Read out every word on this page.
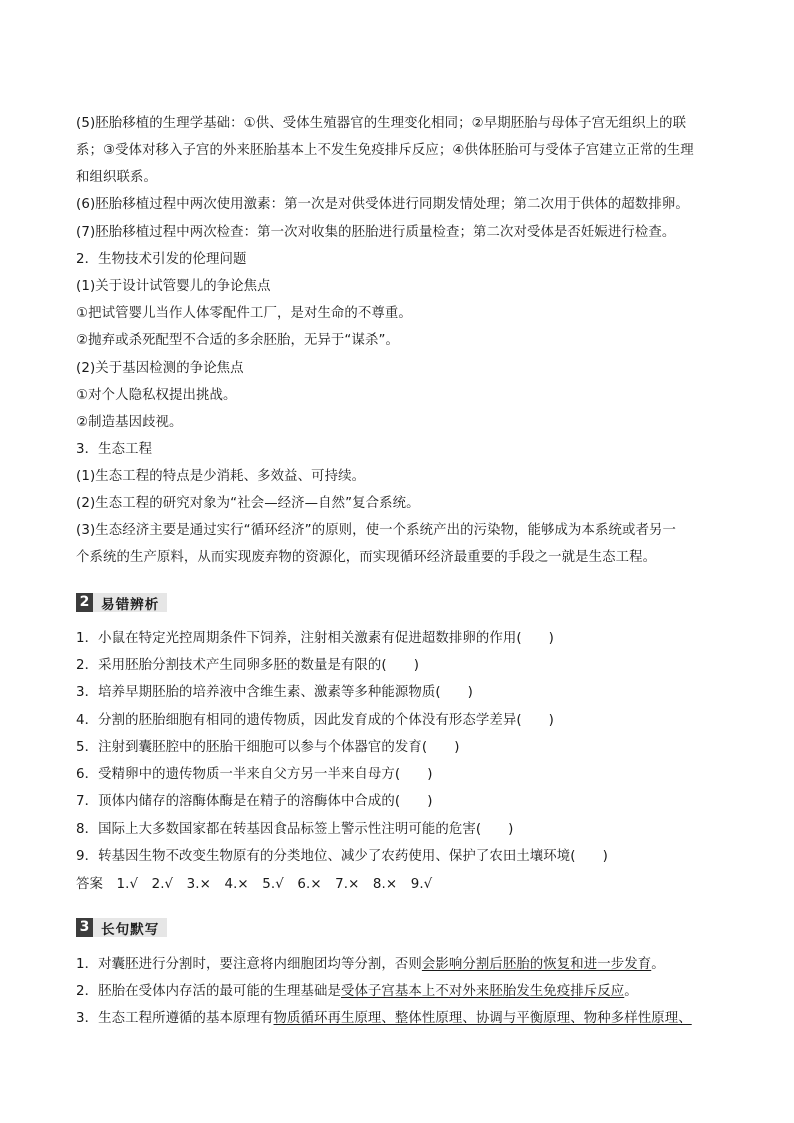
(5)胚胎移植的生理学基础：①供、受体生殖器官的生理变化相同；②早期胚胎与母体子宫无组织上的联
系；③受体对移入子宫的外来胚胎基本上不发生免疫排斥反应；④供体胚胎可与受体子宫建立正常的生理
和组织联系。
(6)胚胎移植过程中两次使用激素：第一次是对供受体进行同期发情处理；第二次用于供体的超数排卵。
(7)胚胎移植过程中两次检查：第一次对收集的胚胎进行质量检查；第二次对受体是否妊娠进行检查。
2．生物技术引发的伦理问题
(1)关于设计试管婴儿的争论焦点
①把试管婴儿当作人体零配件工厂，是对生命的不尊重。
②抛弃或杀死配型不合适的多余胚胎，无异于“谋杀”。
(2)关于基因检测的争论焦点
①对个人隐私权提出挑战。
②制造基因歧视。
3．生态工程
(1)生态工程的特点是少消耗、多效益、可持续。
(2)生态工程的研究对象为“社会—经济—自然”复合系统。
(3)生态经济主要是通过实行“循环经济”的原则，使一个系统产出的污染物，能够成为本系统或者另一
个系统的生产原料，从而实现废弃物的资源化，而实现循环经济最重要的手段之一就是生态工程。
2 易错辨析
1．小鼠在特定光控周期条件下饲养，注射相关激素有促进超数排卵的作用(　　)
2．采用胚胎分割技术产生同卵多胚的数量是有限的(　　)
3．培养早期胚胎的培养液中含维生素、激素等多种能源物质(　　)
4．分割的胚胎细胞有相同的遗传物质，因此发育成的个体没有形态学差异(　　)
5．注射到囊胚腔中的胚胎干细胞可以参与个体器官的发育(　　)
6．受精卵中的遗传物质一半来自父方另一半来自母方(　　)
7．顶体内储存的溶酶体酶是在精子的溶酶体中合成的(　　)
8．国际上大多数国家都在转基因食品标签上警示性注明可能的危害(　　)
9．转基因生物不改变生物原有的分类地位、减少了农药使用、保护了农田土壤环境(　　)
答案　1.√　2.√　3.×　4.×　5.√　6.×　7.×　8.×　9.√
3 长句默写
1．对囊胚进行分割时，要注意将内细胞团均等分割，否则会影响分割后胚胎的恢复和进一步发育。
2．胚胎在受体内存活的最可能的生理基础是受体子宫基本上不对外来胚胎发生免疫排斥反应。
3．生态工程所遵循的基本原理有物质循环再生原理、整体性原理、协调与平衡原理、物种多样性原理、
